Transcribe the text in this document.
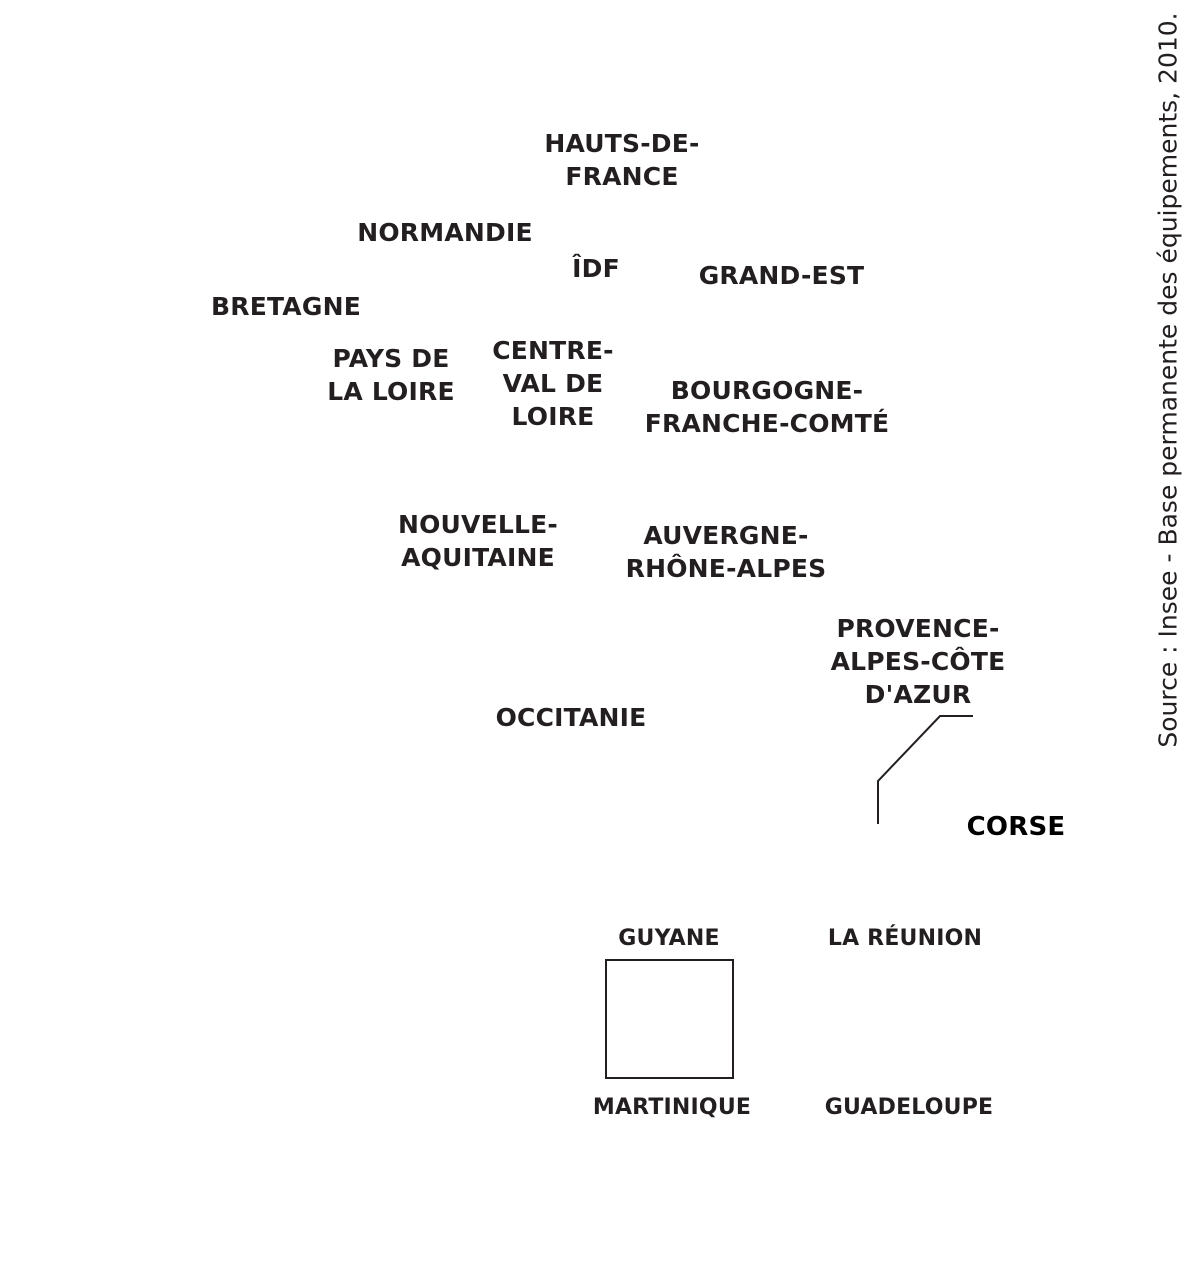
HAUTS-DE-
FRANCE
NORMANDIE
ÎDF	GRAND-EST
BRETAGNE
PAYS DE
LA LOIRE
CENTRE-
VAL DE
LOIRE
BOURGOGNE-
FRANCHE-COMTÉ
NOUVELLE-
AQUITAINE
AUVERGNE-
RHÔNE-ALPES
PROVENCE-
ALPES-CÔTE
D'AZUR
OCCITANIE
CORSE
GUYANE	LA RÉUNION
MARTINIQUE	GUADELOUPE
Source : Insee - Base permanente des équipements, 2010.
